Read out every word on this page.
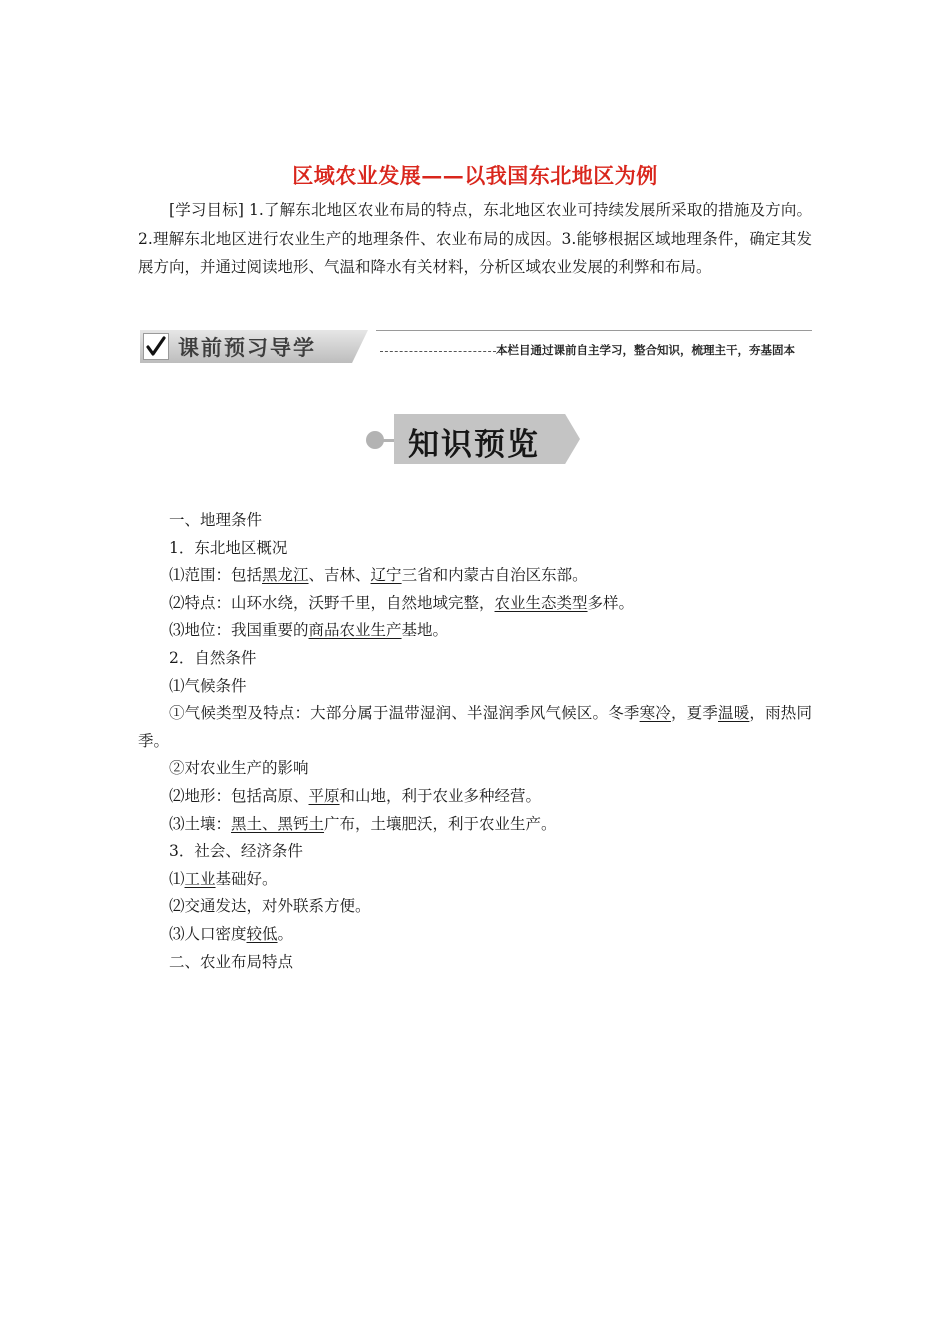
区域农业发展——以我国东北地区为例
[学习目标] 1.了解东北地区农业布局的特点，东北地区农业可持续发展所采取的措施及方向。2.理解东北地区进行农业生产的地理条件、农业布局的成因。3.能够根据区域地理条件，确定其发展方向，并通过阅读地形、气温和降水有关材料，分析区域农业发展的利弊和布局。
课前预习导学	本栏目通过课前自主学习，整合知识，梳理主干，夯基固本
知识预览

一、地理条件

1．东北地区概况

⑴范围：包括黑龙江、吉林、辽宁三省和内蒙古自治区东部。

⑵特点：山环水绕，沃野千里，自然地域完整，农业生态类型多样。

⑶地位：我国重要的商品农业生产基地。

2．自然条件

⑴气候条件

①气候类型及特点：大部分属于温带湿润、半湿润季风气候区。冬季寒冷，夏季温暖，雨热同季。

②对农业生产的影响

⑵地形：包括高原、平原和山地，利于农业多种经营。

⑶土壤：黑土、黑钙土广布，土壤肥沃，利于农业生产。

3．社会、经济条件

⑴工业基础好。

⑵交通发达，对外联系方便。

⑶人口密度较低。

二、农业布局特点
